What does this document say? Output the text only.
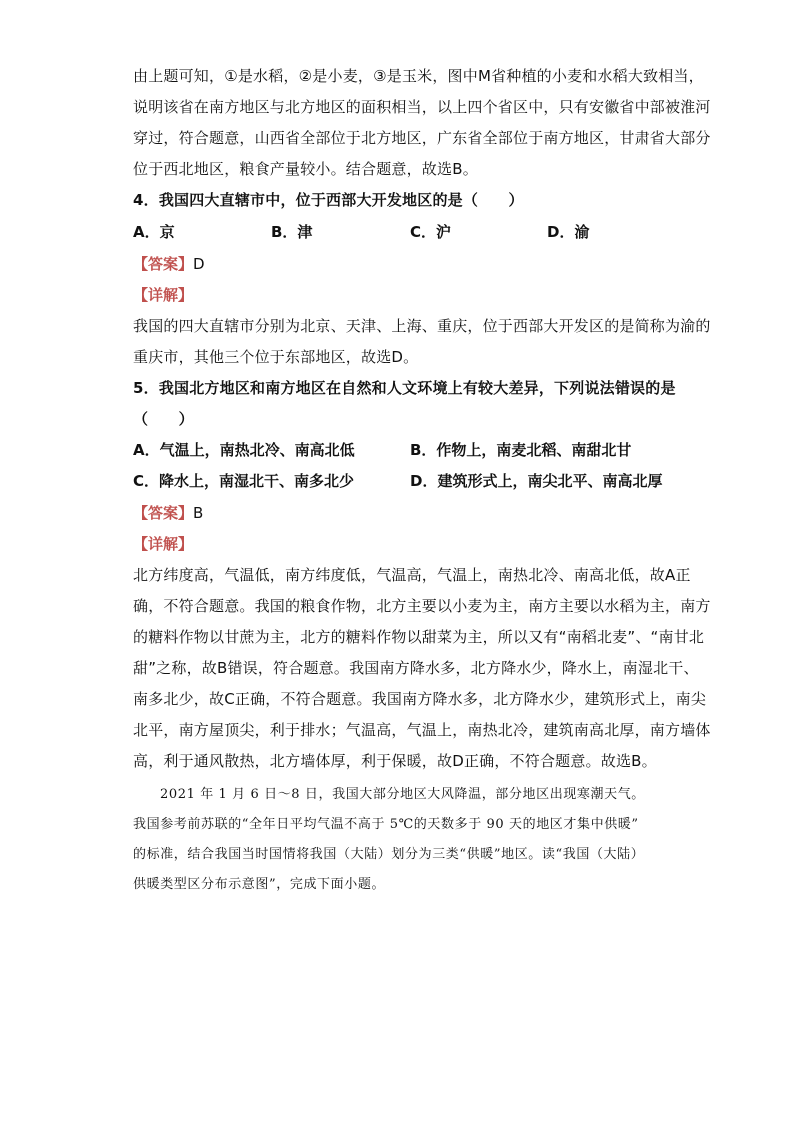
由上题可知，①是水稻，②是小麦，③是玉米，图中M省种植的小麦和水稻大致相当，
说明该省在南方地区与北方地区的面积相当，以上四个省区中，只有安徽省中部被淮河
穿过，符合题意，山西省全部位于北方地区，广东省全部位于南方地区，甘肃省大部分
位于西北地区，粮食产量较小。结合题意，故选B。
4．我国四大直辖市中，位于西部大开发地区的是（　　）
A．京	B．津	C．沪	D．渝
【答案】D
【详解】
我国的四大直辖市分别为北京、天津、上海、重庆，位于西部大开发区的是简称为渝的
重庆市，其他三个位于东部地区，故选D。
5．我国北方地区和南方地区在自然和人文环境上有较大差异，下列说法错误的是
（　　）
A．气温上，南热北冷、南高北低	B．作物上，南麦北稻、南甜北甘
C．降水上，南湿北干、南多北少	D．建筑形式上，南尖北平、南高北厚
【答案】B
【详解】
北方纬度高，气温低，南方纬度低，气温高，气温上，南热北冷、南高北低，故A正
确，不符合题意。我国的粮食作物，北方主要以小麦为主，南方主要以水稻为主，南方
的糖料作物以甘蔗为主，北方的糖料作物以甜菜为主，所以又有“南稻北麦”、“南甘北
甜”之称，故B错误，符合题意。我国南方降水多，北方降水少，降水上，南湿北干、
南多北少，故C正确，不符合题意。我国南方降水多，北方降水少，建筑形式上，南尖
北平，南方屋顶尖，利于排水；气温高，气温上，南热北冷，建筑南高北厚，南方墙体
高，利于通风散热，北方墙体厚，利于保暖，故D正确，不符合题意。故选B。
2021 年 1 月 6 日～8 日，我国大部分地区大风降温，部分地区出现寒潮天气。
我国参考前苏联的“全年日平均气温不高于 5℃的天数多于 90 天的地区才集中供暖”
的标准，结合我国当时国情将我国（大陆）划分为三类“供暖”地区。读“我国（大陆）
供暖类型区分布示意图”，完成下面小题。
